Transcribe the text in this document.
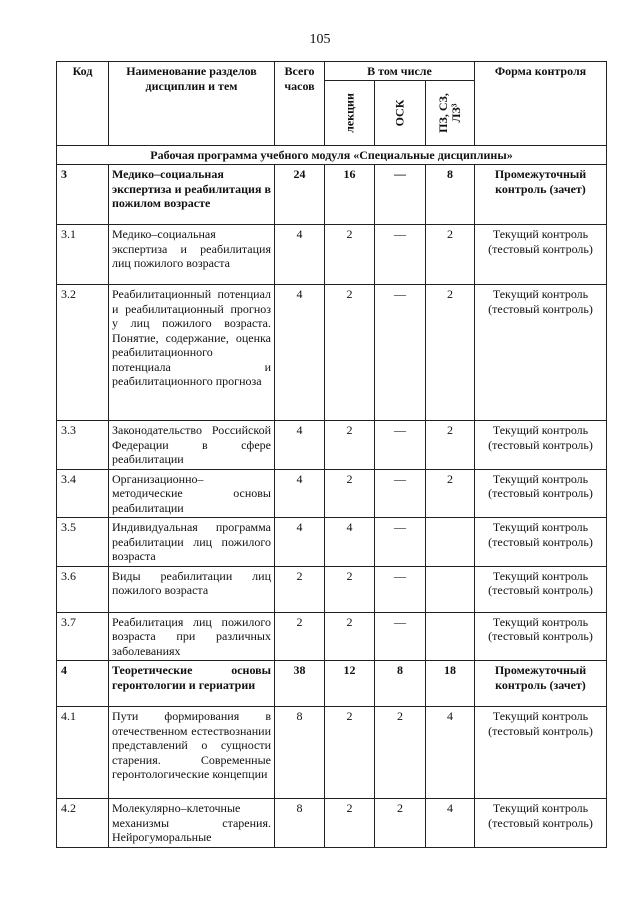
105
Код	Наименование разделов дисциплин и тем	Всего часов	В том числе			Форма контроля

			лекции	ОСК	ПЗ, СЗ, ЛЗ³	

Рабочая программа учебного модуля «Специальные дисциплины»						
3	Медико–социальная экспертиза и реабилитация в пожилом возрасте	24	16	—	8	Промежуточный контроль (зачет)
3.1	Медико–социальная экспертиза и реабилитация лиц пожилого возраста	4	2	—	2	Текущий контроль (тестовый контроль)
3.2	Реабилитационный потенциал и реабилитационный прогноз у лиц пожилого возраста. Понятие, содержание, оценка реабилитационного потенциала и реабилитационного прогноза	4	2	—	2	Текущий контроль (тестовый контроль)
3.3	Законодательство Российской Федерации в сфере реабилитации	4	2	—	2	Текущий контроль (тестовый контроль)
3.4	Организационно–методические основы реабилитации	4	2	—	2	Текущий контроль (тестовый контроль)
3.5	Индивидуальная программа реабилитации лиц пожилого возраста	4	4	—		Текущий контроль (тестовый контроль)
3.6	Виды реабилитации лиц пожилого возраста	2	2	—		Текущий контроль (тестовый контроль)
3.7	Реабилитация лиц пожилого возраста при различных заболеваниях	2	2	—		Текущий контроль (тестовый контроль)
4	Теоретические основы геронтологии и гериатрии	38	12	8	18	Промежуточный контроль (зачет)
4.1	Пути формирования в отечественном естествознании представлений о сущности старения. Современные геронтологические концепции	8	2	2	4	Текущий контроль (тестовый контроль)
4.2	Молекулярно–клеточные механизмы старения. Нейрогуморальные	8	2	2	4	Текущий контроль (тестовый контроль)
